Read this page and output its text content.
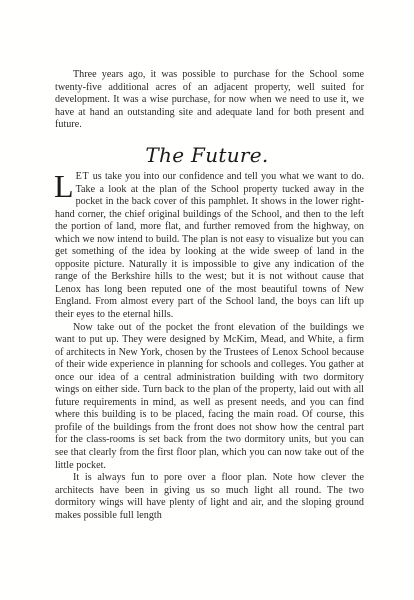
Three years ago, it was possible to purchase for the School some twenty-five additional acres of an adjacent property, well suited for development. It was a wise purchase, for now when we need to use it, we have at hand an outstanding site and adequate land for both present and future.

The Future.

LET us take you into our confidence and tell you what we want to do. Take a look at the plan of the School property tucked away in the pocket in the back cover of this pamphlet. It shows in the lower right-hand corner, the chief original buildings of the School, and then to the left the portion of land, more flat, and further removed from the highway, on which we now intend to build. The plan is not easy to visualize but you can get something of the idea by looking at the wide sweep of land in the opposite picture. Naturally it is impossible to give any indication of the range of the Berkshire hills to the west; but it is not without cause that Lenox has long been reputed one of the most beautiful towns of New England. From almost every part of the School land, the boys can lift up their eyes to the eternal hills.

Now take out of the pocket the front elevation of the buildings we want to put up. They were designed by McKim, Mead, and White, a firm of architects in New York, chosen by the Trustees of Lenox School because of their wide experience in planning for schools and colleges. You gather at once our idea of a central administration building with two dormitory wings on either side. Turn back to the plan of the property, laid out with all future requirements in mind, as well as present needs, and you can find where this building is to be placed, facing the main road. Of course, this profile of the buildings from the front does not show how the central part for the class-rooms is set back from the two dormitory units, but you can see that clearly from the first floor plan, which you can now take out of the little pocket.

It is always fun to pore over a floor plan. Note how clever the architects have been in giving us so much light all round. The two dormitory wings will have plenty of light and air, and the sloping ground makes possible full length
